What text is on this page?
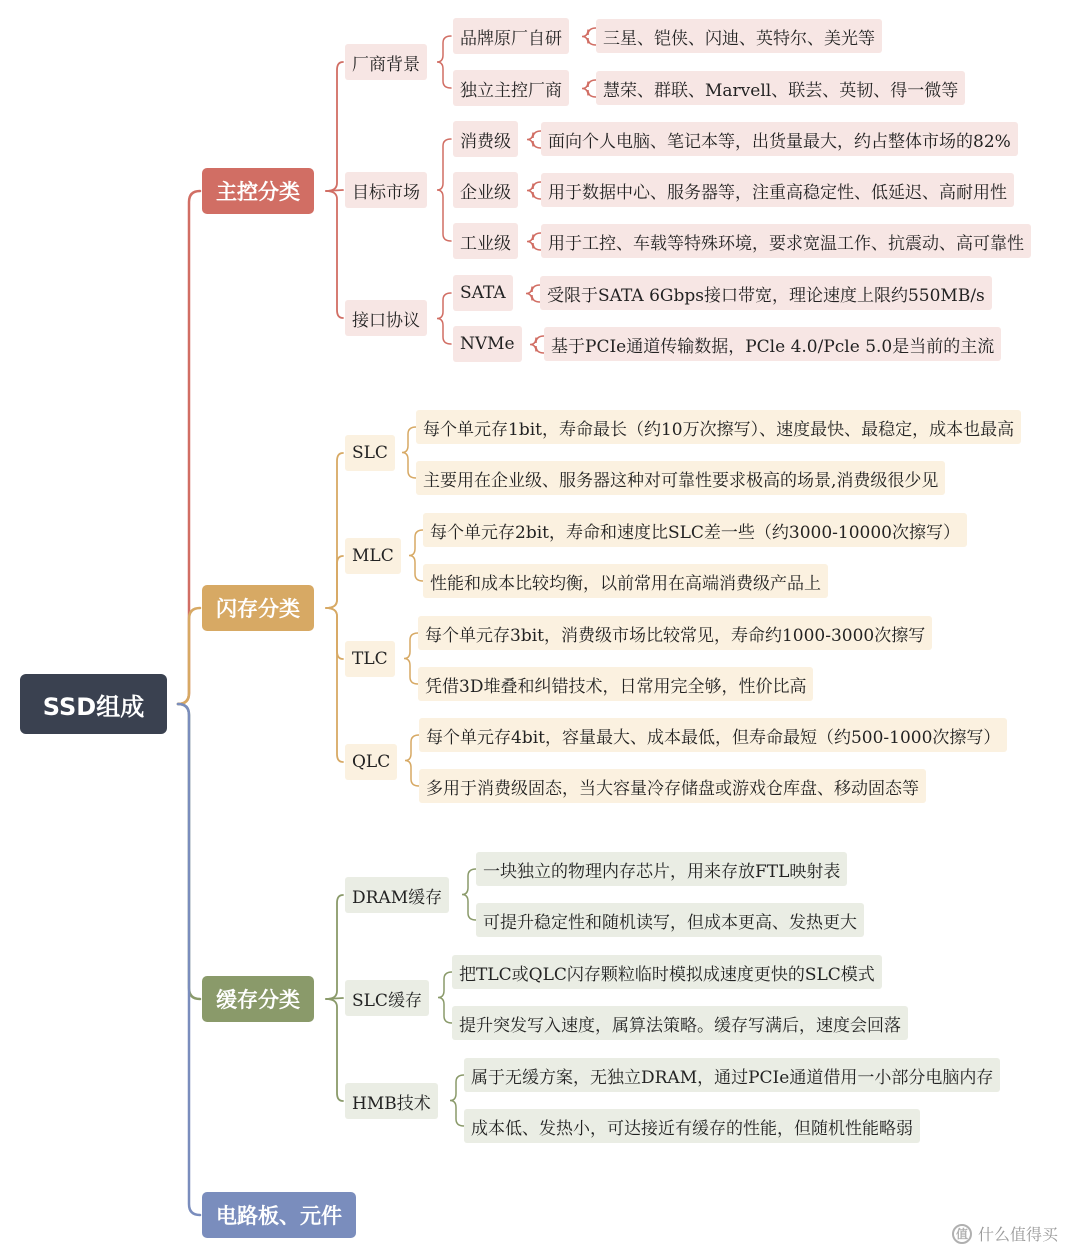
SSD组成
主控分类
闪存分类
缓存分类
电路板、元件
厂商背景
目标市场
接口协议
品牌原厂自研
独立主控厂商
消费级
企业级
工业级
SATA
NVMe
三星、铠侠、闪迪、英特尔、美光等
慧荣、群联、Marvell、联芸、英韧、得一微等
面向个人电脑、笔记本等，出货量最大，约占整体市场的82%
用于数据中心、服务器等，注重高稳定性、低延迟、高耐用性
用于工控、车载等特殊环境，要求宽温工作、抗震动、高可靠性
受限于SATA 6Gbps接口带宽，理论速度上限约550MB/s
基于PCIe通道传输数据，PCle 4.0/Pcle 5.0是当前的主流
SLC
MLC
TLC
QLC
每个单元存1bit，寿命最长（约10万次擦写）、速度最快、最稳定，成本也最高
主要用在企业级、服务器这种对可靠性要求极高的场景,消费级很少见
每个单元存2bit，寿命和速度比SLC差一些（约3000-10000次擦写）
性能和成本比较均衡，以前常用在高端消费级产品上
每个单元存3bit，消费级市场比较常见，寿命约1000-3000次擦写
凭借3D堆叠和纠错技术，日常用完全够，性价比高
每个单元存4bit，容量最大、成本最低，但寿命最短（约500-1000次擦写）
多用于消费级固态，当大容量冷存储盘或游戏仓库盘、移动固态等
DRAM缓存
SLC缓存
HMB技术
一块独立的物理内存芯片，用来存放FTL映射表
可提升稳定性和随机读写，但成本更高、发热更大
把TLC或QLC闪存颗粒临时模拟成速度更快的SLC模式
提升突发写入速度，属算法策略。缓存写满后，速度会回落
属于无缓方案，无独立DRAM，通过PCIe通道借用一小部分电脑内存
成本低、发热小，可达接近有缓存的性能，但随机性能略弱
值 什么值得买
